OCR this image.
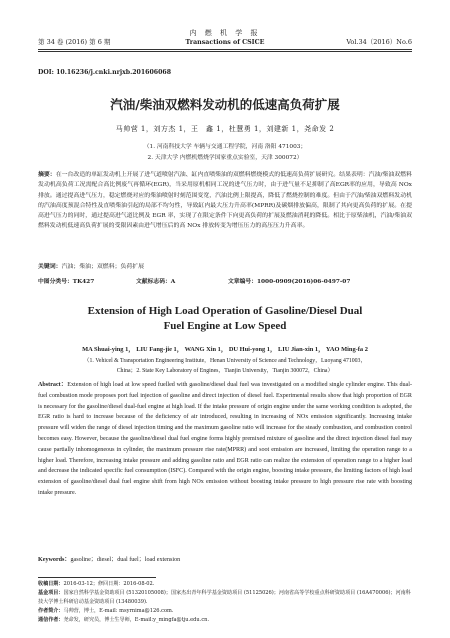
第 34 卷 (2016) 第 6 期
内 燃 机 学 报
Transactions of CSICE	Vol.34（2016）No.6
DOI: 10.16236/j.cnki.nrjxb.201606068
汽油/柴油双燃料发动机的低速高负荷扩展
马帅营 1，刘方杰 1，王　鑫 1，杜慧勇 1，刘建新 1，尧命发 2
（1. 河南科技大学 车辆与交通工程学院，河南 洛阳 471003；
2. 天津大学 内燃机燃烧学国家重点实验室，天津 300072）
摘要：在一台改造的单缸发动机上开展了进气道喷射汽油、缸内直喷柴油的双燃料燃烧模式的低速高负荷扩展研究。结果表明：汽油/柴油双燃料发动机高负荷工况需配合高比例废气再循环(EGR)，当采用原机相同工况的进气压力时，由于进气量不足抑制了高EGR率的应用，导致高 NOx 排放。通过提高进气压力，稳定燃烧对应的柴油喷射时刻范围变宽，汽油比例上限提高，降低了燃烧控制的难度。但由于汽油/柴油双燃料发动机的汽油高度预混合特性及直喷柴油引起的局部不均匀性，导致缸内最大压力升高率(MPRR)及碳烟排放偏高，限制了其向更高负荷的扩展。在提高进气压力的同时，通过提高进气道比例及 EGR 率，实现了在限定条件下向更高负荷的扩展及燃油消耗的降低。相比于原柴油机，汽油/柴油双燃料发动机低速高负荷扩展的受限因素由进气增压后的高 NOx 排放转变为增压压力的高压压力升高率。
关键词：汽油；柴油；双燃料；负荷扩展
中图分类号：TK427	文献标志码：A	文章编号：1000-0909(2016)06-0497-07
Extension of High Load Operation of Gasoline/Diesel Dual
Fuel Engine at Low Speed
MA Shuai-ying 1， LIU Fang-jie 1， WANG Xin 1， DU Hui-yong 1， LIU Jian-xin 1， YAO Ming-fa 2
（1. Vehicel & Transportation Engineering Institute，Henan University of Science and Technology，Luoyang 471003，
China；2. State Key Laboratory of Engines，Tianjin University，Tianjin 300072，China）
Abstract：Extension of high load at low speed fuelled with gasoline/diesel dual fuel was investigated on a modified single cylinder engine. This dual-fuel combustion mode proposes port fuel injection of gasoline and direct injection of diesel fuel. Experimental results show that high proportion of EGR is necessary for the gasoline/diesel dual-fuel engine at high load. If the intake pressure of origin engine under the same working condition is adopted, the EGR ratio is hard to increase because of the deficiency of air introduced, resulting in increasing of NOx emission significantly. Increasing intake pressure will widen the range of diesel injection timing and the maximum gasoline ratio will increase for the steady combustion, and combustion control becomes easy. However, because the gasoline/diesel dual fuel engine forms highly premixed mixture of gasoline and the direct injection diesel fuel may cause partially inhomogeneous in cylinder, the maximum pressure rise rate(MPRR) and soot emission are increased, limiting the operation range to a higher load. Therefore, increasing intake pressure and adding gasoline ratio and EGR ratio can realize the extension of operation range to a higher load and decrease the indicated specific fuel consumption (ISFC). Compared with the origin engine, boosting intake pressure, the limiting factors of high load extension of gasoline/diesel dual fuel engine shift from high NOx emission without boosting intake pressure to high pressure rise rate with boosting intake pressure.
Keywords：gasoline；diesel；dual fuel；load extension
收稿日期：2016-03-12；修回日期：2016-08-02.
基金项目：国家自然科学基金资助项目 (51320105008)；国家杰出青年科学基金资助项目 (51125026)；河南省高等学校重点科研资助项目 (16A470006)；河南科技大学博士科研启动基金资助项目 (13480039).
作者简介：马帅营，博士，E-mail: msyrnima@126.com.
通信作者：尧命发，研究员，博士生导师，E-mail:y_mingfa@tju.edu.cn.
